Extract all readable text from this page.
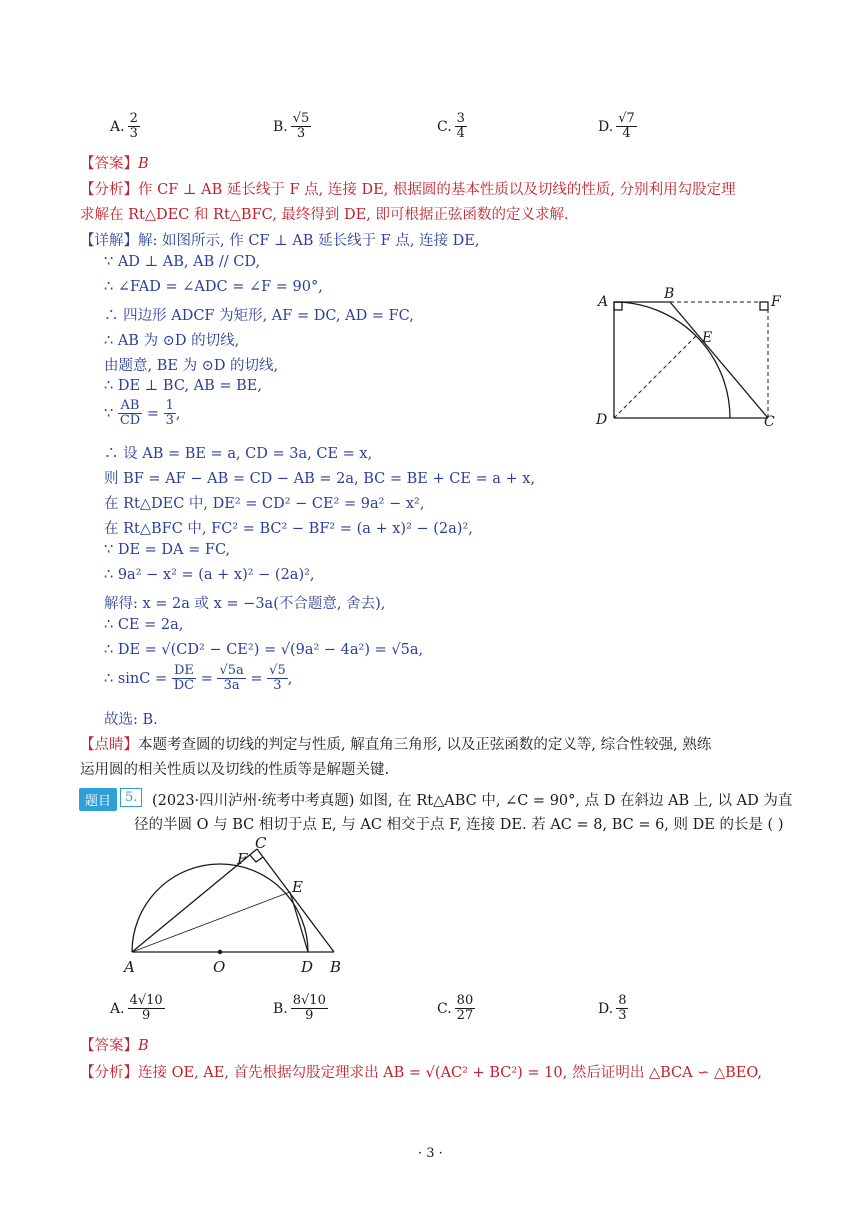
A. $\frac{2}{3}$	B. $\frac{√5}{3}$	C. $\frac{3}{4}$	D. $\frac{√7}{4}$
【答案】B
【分析】作 CF ⊥ AB 延长线于 F 点, 连接 DE, 根据圆的基本性质以及切线的性质, 分别利用勾股定理
求解在 Rt△DEC 和 Rt△BFC, 最终得到 DE, 即可根据正弦函数的定义求解.
【详解】解: 如图所示, 作 CF ⊥ AB 延长线于 F 点, 连接 DE,
∵ AD ⊥ AB, AB // CD,
∴ ∠FAD = ∠ADC = ∠F = 90°,
∴ 四边形 ADCF 为矩形, AF = DC, AD = FC,
∴ AB 为 ⊙D 的切线,
由题意, BE 为 ⊙D 的切线,
∴ DE ⊥ BC, AB = BE,
∵ $\frac{AB}{CD} = \frac{1}{3}$ ,
∴ 设 AB = BE = a, CD = 3a, CE = x,
则 BF = AF − AB = CD − AB = 2a, BC = BE + CE = a + x,
在 Rt△DEC 中, DE² = CD² − CE² = 9a² − x²,
在 Rt△BFC 中, FC² = BC² − BF² = (a + x)² − (2a)²,
∵ DE = DA = FC,
∴ 9a² − x² = (a + x)² − (2a)²,
解得: x = 2a 或 x = −3a(不合题意, 舍去),
∴ CE = 2a,
∴ DE = √(CD² − CE²) = √(9a² − 4a²) = √5a,
∴ $\sin C = \frac{DE}{DC} = \frac{√5a}{3a} = \frac{√5}{3}$ ,
故选: B.
【点睛】本题考查圆的切线的判定与性质, 解直角三角形, 以及正弦函数的定义等, 综合性较强, 熟练
运用圆的相关性质以及切线的性质等是解题关键.
A	B	F
E
D	C
题目	5.	(2023·四川泸州·统考中考真题) 如图, 在 Rt△ABC 中, ∠C = 90°, 点 D 在斜边 AB 上, 以 AD 为直
径的半圆 O 与 BC 相切于点 E, 与 AC 相交于点 F, 连接 DE. 若 AC = 8, BC = 6, 则 DE 的长是 ( )
A	O	D B
C
F
E
A. $\frac{4√10}{9}$	B. $\frac{8√10}{9}$	C. $\frac{80}{27}$	D. $\frac{8}{3}$
【答案】B
【分析】连接 OE, AE, 首先根据勾股定理求出 AB = √(AC² + BC²) = 10, 然后证明出 △BCA ∽ △BEO,
· 3 ·
